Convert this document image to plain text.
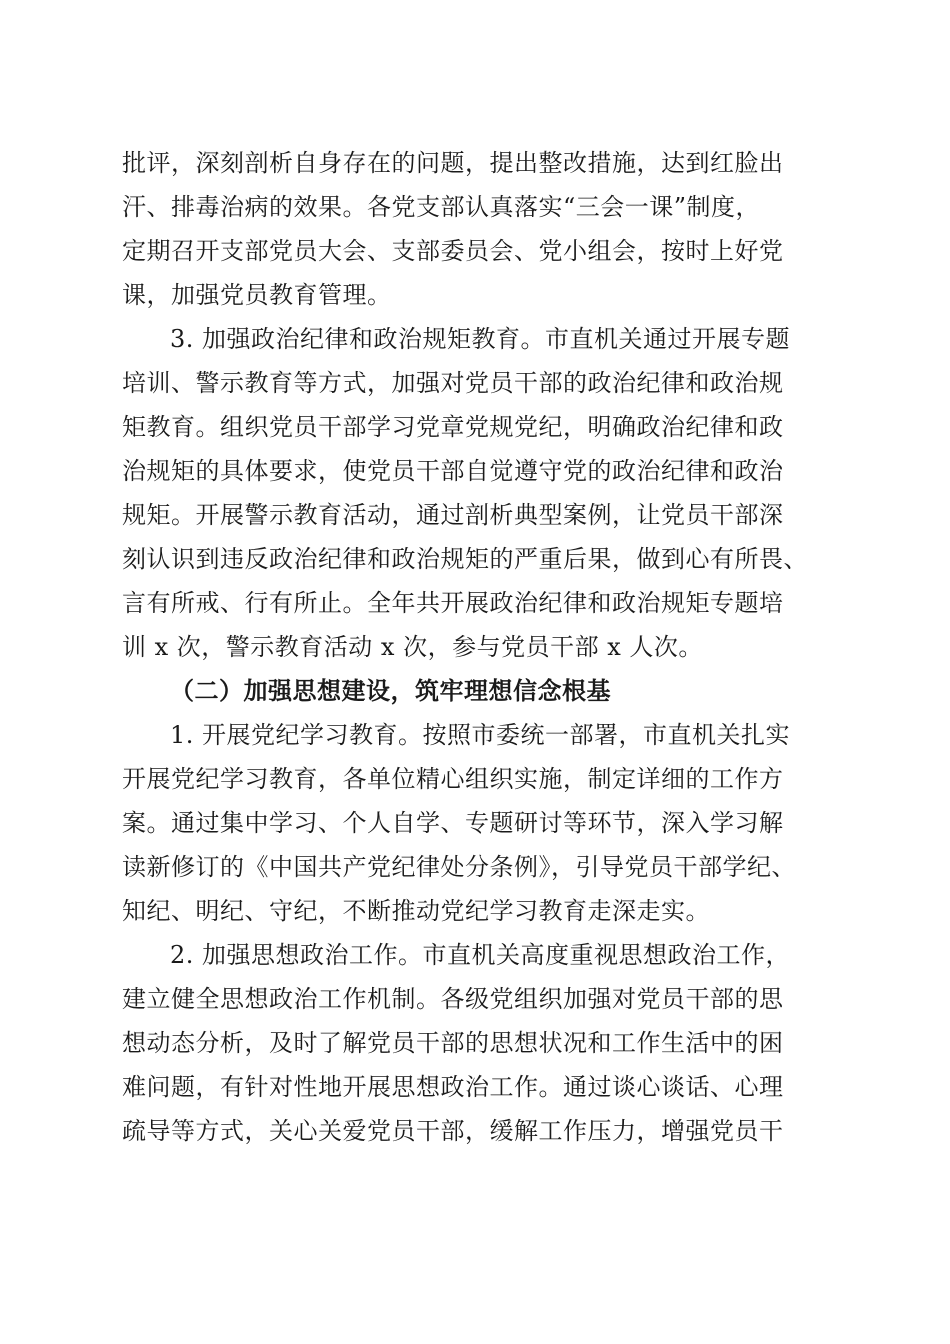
批评，深刻剖析自身存在的问题，提出整改措施，达到红脸出
汗、排毒治病的效果。各党支部认真落实“三会一课”制度，
定期召开支部党员大会、支部委员会、党小组会，按时上好党
课，加强党员教育管理。
3. 加强政治纪律和政治规矩教育。市直机关通过开展专题
培训、警示教育等方式，加强对党员干部的政治纪律和政治规
矩教育。组织党员干部学习党章党规党纪，明确政治纪律和政
治规矩的具体要求，使党员干部自觉遵守党的政治纪律和政治
规矩。开展警示教育活动，通过剖析典型案例，让党员干部深
刻认识到违反政治纪律和政治规矩的严重后果，做到心有所畏、
言有所戒、行有所止。全年共开展政治纪律和政治规矩专题培
训 x 次，警示教育活动 x 次，参与党员干部 x 人次。
（二）加强思想建设，筑牢理想信念根基
1. 开展党纪学习教育。按照市委统一部署，市直机关扎实
开展党纪学习教育，各单位精心组织实施，制定详细的工作方
案。通过集中学习、个人自学、专题研讨等环节，深入学习解
读新修订的《中国共产党纪律处分条例》，引导党员干部学纪、
知纪、明纪、守纪，不断推动党纪学习教育走深走实。
2. 加强思想政治工作。市直机关高度重视思想政治工作，
建立健全思想政治工作机制。各级党组织加强对党员干部的思
想动态分析，及时了解党员干部的思想状况和工作生活中的困
难问题，有针对性地开展思想政治工作。通过谈心谈话、心理
疏导等方式，关心关爱党员干部，缓解工作压力，增强党员干
